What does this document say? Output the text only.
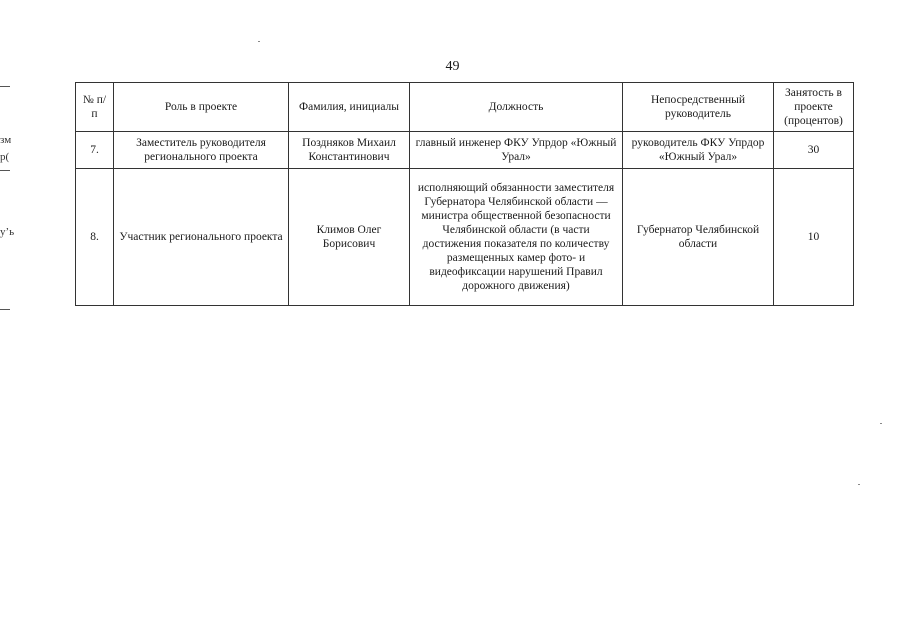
49
зм
р(
у’ь
№ п/п	Роль в проекте	Фамилия, инициалы	Должность	Непосредственный руководитель	Занятость в проекте (процентов)
7.	Заместитель руководителя регионального проекта	Поздняков Михаил Константинович	главный инженер ФКУ Упрдор «Южный Урал»	руководитель ФКУ Упрдор «Южный Урал»	30
8.	Участник регионального проекта	Климов Олег Борисович	исполняющий обязанности заместителя Губернатора Челябинской области — министра общественной безопасности Челябинской области (в части достижения показателя по количеству размещенных камер фото- и видеофиксации нарушений Правил дорожного движения)	Губернатор Челябинской области	10
